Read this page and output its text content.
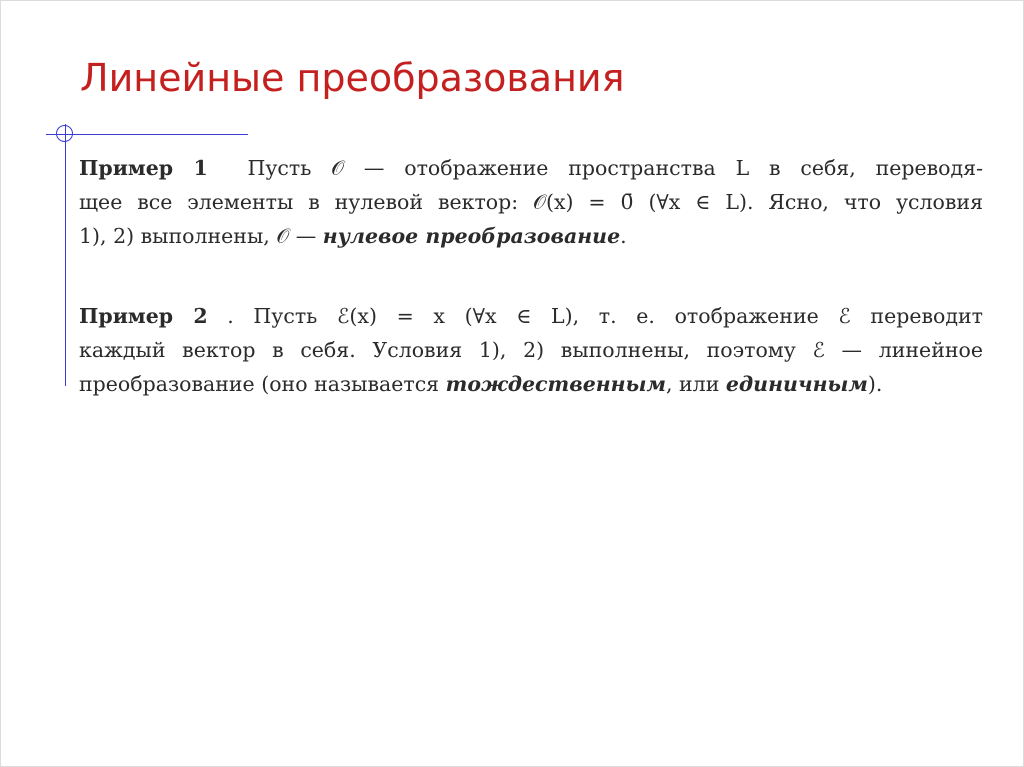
Линейные преобразования

Пример 1 Пусть 𝒪 — отображение пространства L в себя, переводя-
щее все элементы в нулевой вектор: 𝒪(x) = 0̄ (∀x ∈ L). Ясно, что условия
1), 2) выполнены, 𝒪 — нулевое преобразование.

Пример 2 . Пусть ℰ(x) = x (∀x ∈ L), т. е. отображение ℰ переводит
каждый вектор в себя. Условия 1), 2) выполнены, поэтому ℰ — линейное
преобразование (оно называется тождественным, или единичным).
